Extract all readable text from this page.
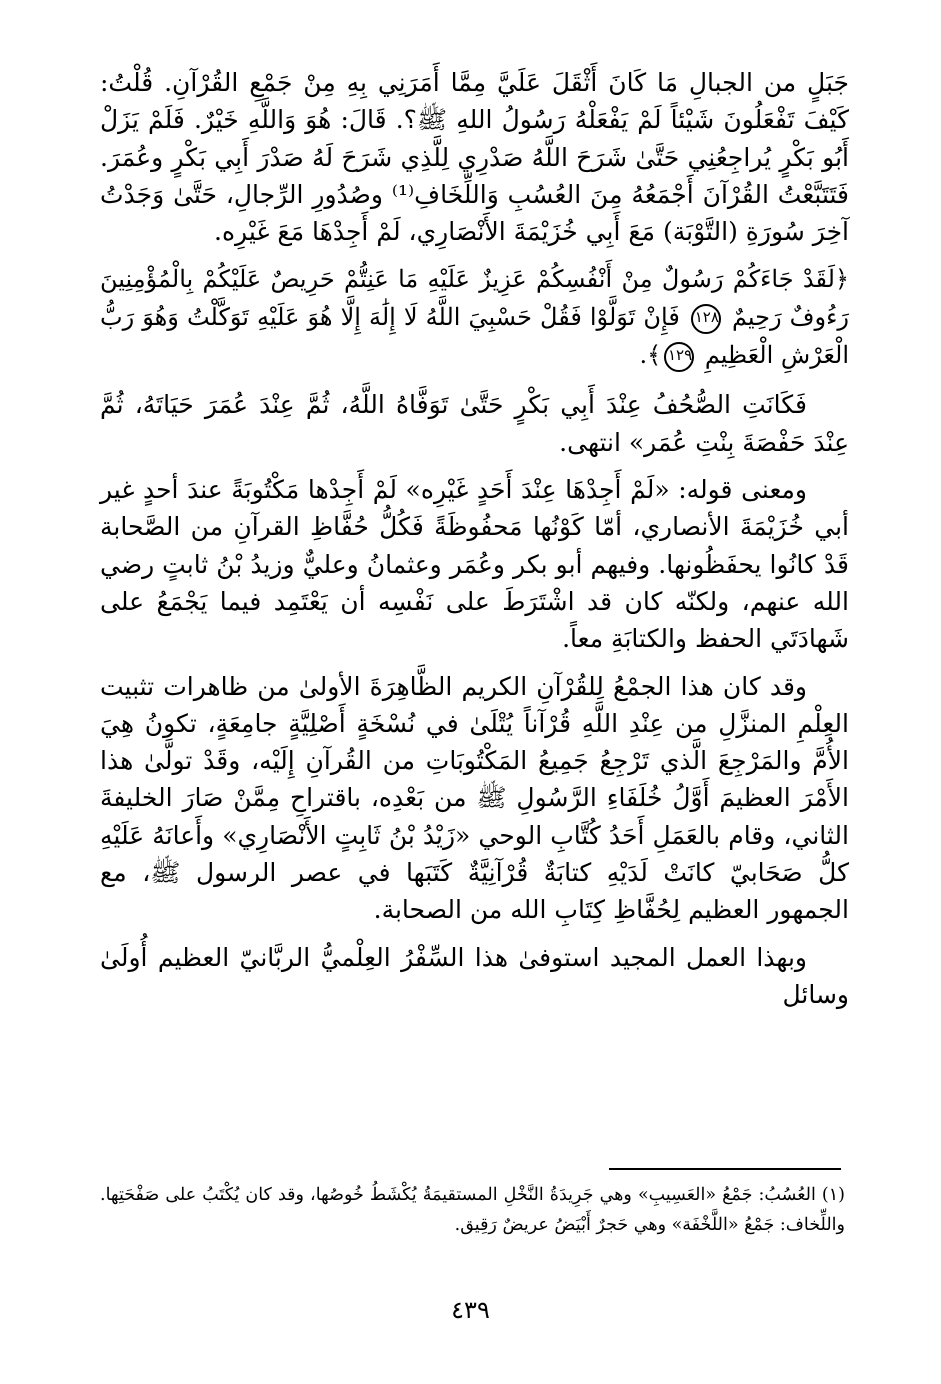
جَبَلٍ من الجبالِ مَا كَانَ أَثْقَلَ عَلَيَّ مِمَّا أَمَرَنِي بِهِ مِنْ جَمْعِ القُرْآنِ. قُلْتُ: كَيْفَ تَفْعَلُونَ شَيْئاً لَمْ يَفْعَلْهُ رَسُولُ اللهِ ﷺ؟. قَالَ: هُوَ وَاللَّهِ خَيْرٌ. فَلَمْ يَزَلْ أَبُو بَكْرٍ يُراجِعُنِي حَتَّىٰ شَرَحَ اللَّهُ صَدْرِي لِلَّذِي شَرَحَ لَهُ صَدْرَ أَبِي بَكْرٍ وعُمَرَ. فَتَتَبَّعْتُ القُرْآنَ أَجْمَعُهُ مِنَ العُسُبِ وَاللِّخَافِ⁽¹⁾ وصُدُورِ الرِّجالِ، حَتَّىٰ وَجَدْتُ آخِرَ سُورَةِ (التَّوْبَة) مَعَ أَبِي خُزَيْمَةَ الأَنْصَارِي، لَمْ أَجِدْهَا مَعَ غَيْرِه.

﴿لَقَدْ جَاءَكُمْ رَسُولٌ مِنْ أَنْفُسِكُمْ عَزِيزٌ عَلَيْهِ مَا عَنِتُّمْ حَرِيصٌ عَلَيْكُمْ بِالْمُؤْمِنِينَ رَءُوفٌ رَحِيمٌ ١٢٨ فَإِنْ تَوَلَّوْا فَقُلْ حَسْبِيَ اللَّهُ لَا إِلَٰهَ إِلَّا هُوَ عَلَيْهِ تَوَكَّلْتُ وَهُوَ رَبُّ الْعَرْشِ الْعَظِيمِ ١٢٩﴾.

فَكَانَتِ الصُّحُفُ عِنْدَ أَبِي بَكْرٍ حَتَّىٰ تَوَفَّاهُ اللَّهُ، ثُمَّ عِنْدَ عُمَرَ حَيَاتَهُ، ثُمَّ عِنْدَ حَفْصَةَ بِنْتِ عُمَر» انتهى.

ومعنى قوله: «لَمْ أَجِدْهَا عِنْدَ أَحَدٍ غَيْرِه» لَمْ أَجِدْها مَكْتُوبَةً عندَ أحدٍ غير أبي خُزَيْمَةَ الأنصاري، أمّا كَوْنُها مَحفُوظَةً فَكُلُّ حُفَّاظِ القرآنِ من الصَّحابة قَدْ كانُوا يحفَظُونها. وفيهم أبو بكر وعُمَر وعثمانُ وعليٌّ وزيدُ بْنُ ثابتٍ رضي الله عنهم، ولكنّه كان قد اشْتَرَطَ على نَفْسِه أن يَعْتَمِد فيما يَجْمَعُ على شَهادَتَي الحفظ والكتابَةِ معاً.

وقد كان هذا الجمْعُ لِلقُرْآنِ الكريم الظَّاهِرَةَ الأولىٰ من ظاهرات تثبيت العِلْمِ المنزَّلِ من عِنْدِ اللَّهِ قُرْآناً يُتْلَىٰ في نُسْخَةٍ أَصْلِيَّةٍ جامِعَةٍ، تكونُ هِيَ الأُمَّ والمَرْجِعَ الَّذي تَرْجِعُ جَمِيعُ المَكْتُوبَاتِ من القُرآنِ إِلَيْه، وقَدْ تولَّىٰ هذا الأَمْرَ العظيمَ أَوَّلُ خُلَفَاءِ الرَّسُولِ ﷺ من بَعْدِه، باقتراحِ مِمَّنْ صَارَ الخليفةَ الثاني، وقام بالعَمَلِ أَحَدُ كُتَّابِ الوحي «زَيْدُ بْنُ ثَابِتٍ الأَنْصَارِي» وأَعانَهُ عَلَيْهِ كلُّ صَحَابيّ كانَتْ لَدَيْهِ كتابَةٌ قُرْآنِيَّةٌ كَتَبَها في عصر الرسول ﷺ، مع الجمهور العظيم لِحُفَّاظِ كِتَابِ الله من الصحابة.

وبهذا العمل المجيد استوفىٰ هذا السِّفْرُ العِلْميُّ الربَّانيّ العظيم أُولَىٰ وسائل

(١) العُسُبُ: جَمْعُ «العَسِيبِ» وهي جَرِيدَةُ النَّخْلِ المستقيمَةُ يُكْشَطُ خُوصُها، وقد كان يُكْتَبُ على صَفْحَتِها. واللِّخاف: جَمْعُ «اللَّخْفَة» وهي حَجرٌ أَبْيَضُ عريضٌ رَقِيق.

٤٣٩
